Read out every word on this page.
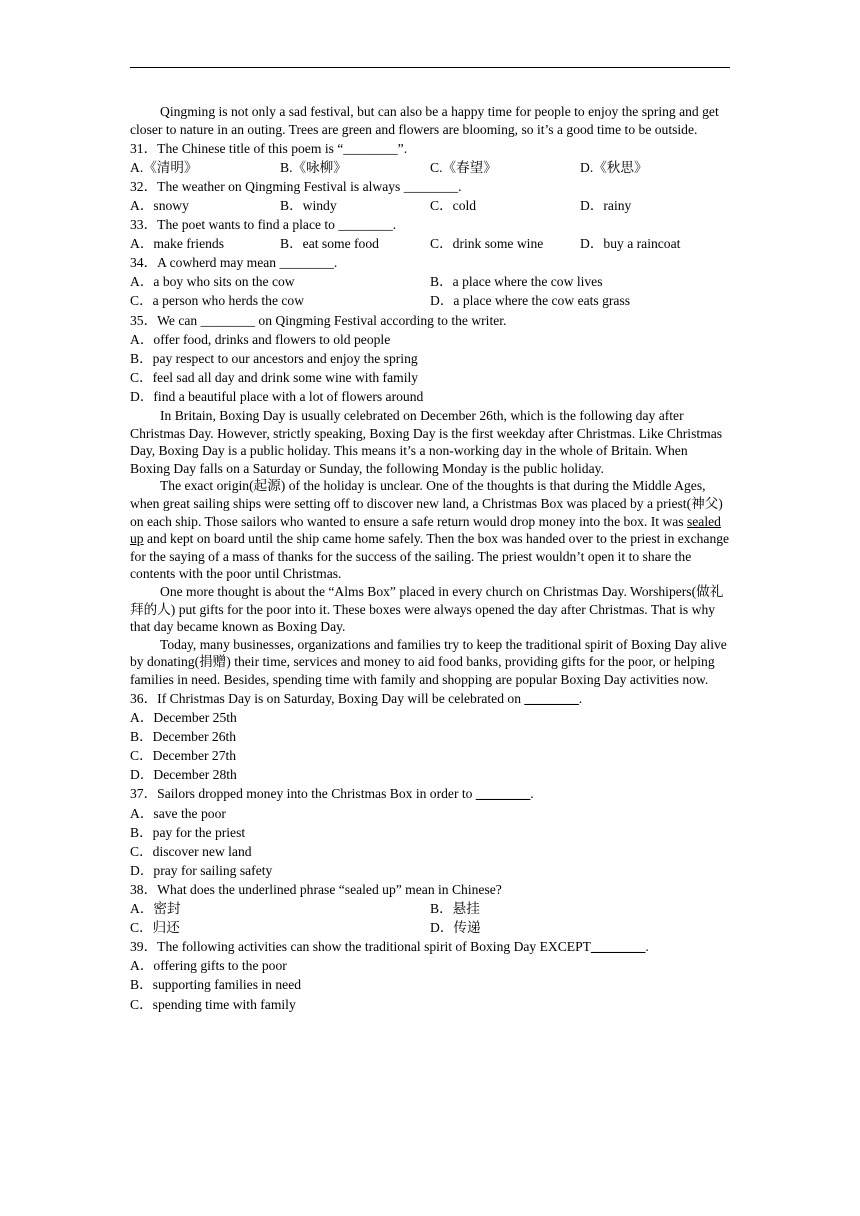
Qingming is not only a sad festival, but can also be a happy time for people to enjoy the spring and get closer to nature in an outing. Trees are green and flowers are blooming, so it’s a good time to be outside.

31．The Chinese title of this poem is “________”.

A.《清明》	B.《咏柳》	C.《春望》	D.《秋思》

32．The weather on Qingming Festival is always ________.

A．snowy	B．windy	C．cold	D．rainy

33．The poet wants to find a place to ________.

A．make friends	B．eat some food	C．drink some wine	D．buy a raincoat

34．A cowherd may mean ________.

A．a boy who sits on the cow	B．a place where the cow lives
C．a person who herds the cow	D．a place where the cow eats grass

35．We can ________ on Qingming Festival according to the writer.

A．offer food, drinks and flowers to old people

B．pay respect to our ancestors and enjoy the spring

C．feel sad all day and drink some wine with family

D．find a beautiful place with a lot of flowers around

In Britain, Boxing Day is usually celebrated on December 26th, which is the following day after Christmas Day. However, strictly speaking, Boxing Day is the first weekday after Christmas. Like Christmas Day, Boxing Day is a public holiday. This means it’s a non-working day in the whole of Britain. When Boxing Day falls on a Saturday or Sunday, the following Monday is the public holiday.

The exact origin(起源) of the holiday is unclear. One of the thoughts is that during the Middle Ages, when great sailing ships were setting off to discover new land, a Christmas Box was placed by a priest(神父) on each ship. Those sailors who wanted to ensure a safe return would drop money into the box. It was sealed up and kept on board until the ship came home safely. Then the box was handed over to the priest in exchange for the saying of a mass of thanks for the success of the sailing. The priest wouldn’t open it to share the contents with the poor until Christmas.

One more thought is about the “Alms Box” placed in every church on Christmas Day. Worshipers(做礼拜的人) put gifts for the poor into it. These boxes were always opened the day after Christmas. That is why that day became known as Boxing Day.

Today, many businesses, organizations and families try to keep the traditional spirit of Boxing Day alive by donating(捐赠) their time, services and money to aid food banks, providing gifts for the poor, or helping families in need. Besides, spending time with family and shopping are popular Boxing Day activities now.

36．If Christmas Day is on Saturday, Boxing Day will be celebrated on ________.

A．December 25th

B．December 26th

C．December 27th

D．December 28th

37．Sailors dropped money into the Christmas Box in order to ________.

A．save the poor

B．pay for the priest

C．discover new land

D．pray for sailing safety

38．What does the underlined phrase “sealed up” mean in Chinese?

A．密封	B．悬挂
C．归还	D．传递

39．The following activities can show the traditional spirit of Boxing Day EXCEPT________.

A．offering gifts to the poor

B．supporting families in need

C．spending time with family
